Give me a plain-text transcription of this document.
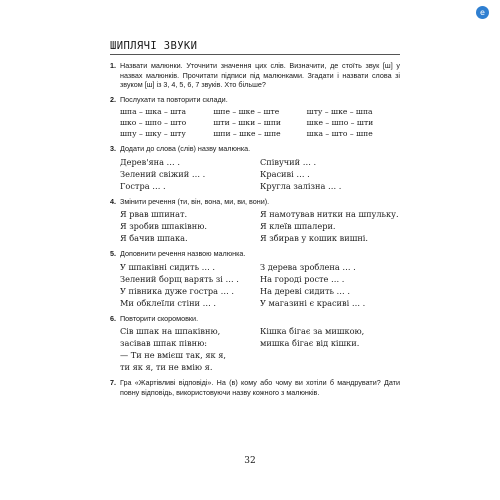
e
ШИПЛЯЧІ ЗВУКИ
1. Назвати малюнки. Уточнити значення цих слів. Визначити, де стоїть звук [ш] у назвах малюнків. Прочитати підписи під малюнками. Згадати і назвати слова зі звуком [ш] із 3, 4, 5, 6, 7 звуків. Хто більше?
2. Послухати та повторити склади.
шпа – шка – шта
шко – шпо – што
шпу – шку – шту
шпе – шке – ште
шти – шки – шпи
шпи – шке – шпе
шту – шке – шпа
шке – шпо – шти
шка – што – шпе
3. Додати до слова (слів) назву малюнка.
Дерев'яна … .
Зелений свіжий … .
Гостра … .
Співучий … .
Красиві … .
Кругла залізна … .
4. Змінити речення (ти, він, вона, ми, ви, вони).
Я рвав шпинат.
Я зробив шпаківню.
Я бачив шпака.
Я намотував нитки на шпульку.
Я клеїв шпалери.
Я збирав у кошик вишні.
5. Доповнити речення назвою малюнка.
У шпаківні сидить … .
Зелений борщ варять зі … .
У півника дуже гостра … .
Ми обклеїли стіни … .
З дерева зроблена … .
На городі росте … .
На дереві сидить … .
У магазині є красиві … .
6. Повторити скоромовки.
Сів шпак на шпаківню,
засівав шпак півню:
— Ти не вмієш так, як я,
ти як я, ти не вмію я.
Кішка бігає за мишкою,
мишка бігає від кішки.
7. Гра «Жартівливі відповіді». На (в) кому або чому ви хотіли б мандрувати? Дати повну відповідь, використовуючи назву кожного з малюнків.
32
